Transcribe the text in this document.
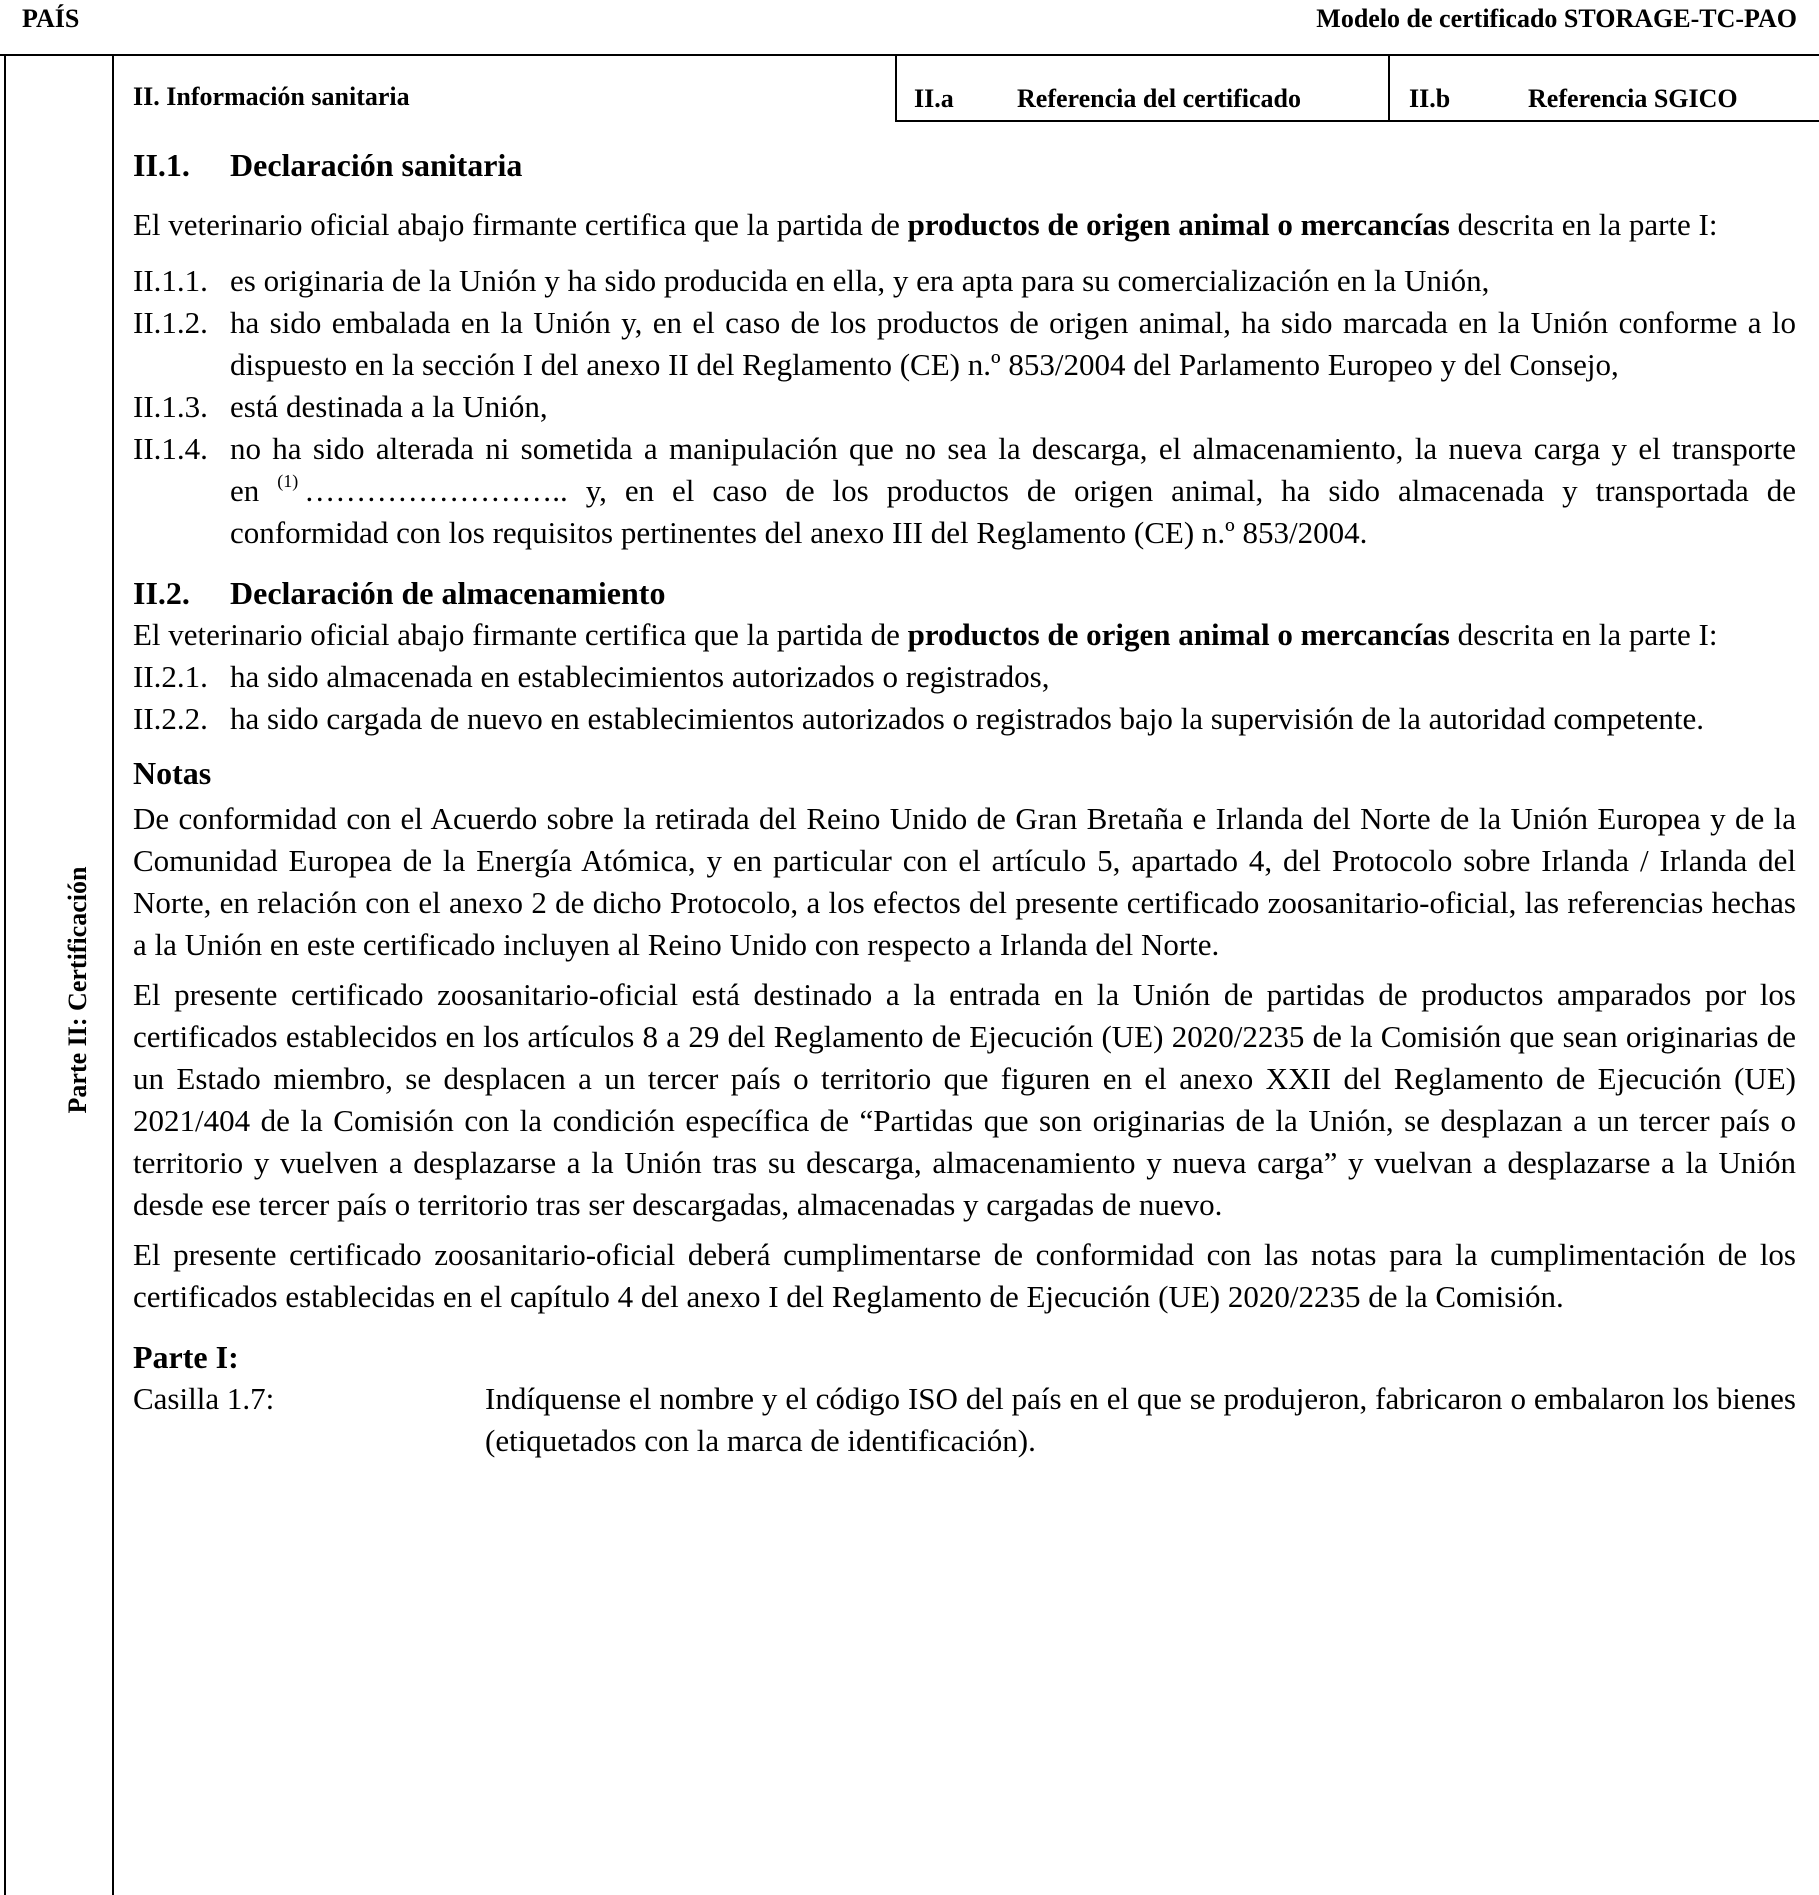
PAÍS	Modelo de certificado STORAGE-TC-PAO
Parte II: Certificación
II. Información sanitaria	II.a Referencia del certificado	II.b	Referencia SGICO
II.1. Declaración sanitaria

El veterinario oficial abajo firmante certifica que la partida de productos de origen animal o mercancías descrita en la parte I:

II.1.1. es originaria de la Unión y ha sido producida en ella, y era apta para su comercialización en la Unión,
II.1.2. ha sido embalada en la Unión y, en el caso de los productos de origen animal, ha sido marcada en la Unión conforme a lo dispuesto en la sección I del anexo II del Reglamento (CE) n.º 853/2004 del Parlamento Europeo y del Consejo,
II.1.3. está destinada a la Unión,
II.1.4. no ha sido alterada ni sometida a manipulación que no sea la descarga, el almacenamiento, la nueva carga y el transporte en $^{(1)}$ …………………….. y, en el caso de los productos de origen animal, ha sido almacenada y transportada de conformidad con los requisitos pertinentes del anexo III del Reglamento (CE) n.º 853/2004.
II.2. Declaración de almacenamiento

El veterinario oficial abajo firmante certifica que la partida de productos de origen animal o mercancías descrita en la parte I:

II.2.1. ha sido almacenada en establecimientos autorizados o registrados,
II.2.2. ha sido cargada de nuevo en establecimientos autorizados o registrados bajo la supervisión de la autoridad competente.
Notas

De conformidad con el Acuerdo sobre la retirada del Reino Unido de Gran Bretaña e Irlanda del Norte de la Unión Europea y de la Comunidad Europea de la Energía Atómica, y en particular con el artículo 5, apartado 4, del Protocolo sobre Irlanda / Irlanda del Norte, en relación con el anexo 2 de dicho Protocolo, a los efectos del presente certificado zoosanitario-oficial, las referencias hechas a la Unión en este certificado incluyen al Reino Unido con respecto a Irlanda del Norte.

El presente certificado zoosanitario-oficial está destinado a la entrada en la Unión de partidas de productos amparados por los certificados establecidos en los artículos 8 a 29 del Reglamento de Ejecución (UE) 2020/2235 de la Comisión que sean originarias de un Estado miembro, se desplacen a un tercer país o territorio que figuren en el anexo XXII del Reglamento de Ejecución (UE) 2021/404 de la Comisión con la condición específica de “Partidas que son originarias de la Unión, se desplazan a un tercer país o territorio y vuelven a desplazarse a la Unión tras su descarga, almacenamiento y nueva carga” y vuelvan a desplazarse a la Unión desde ese tercer país o territorio tras ser descargadas, almacenadas y cargadas de nuevo.

El presente certificado zoosanitario-oficial deberá cumplimentarse de conformidad con las notas para la cumplimentación de los certificados establecidas en el capítulo 4 del anexo I del Reglamento de Ejecución (UE) 2020/2235 de la Comisión.

Parte I:
Casilla 1.7:	Indíquense el nombre y el código ISO del país en el que se produjeron, fabricaron o embalaron los bienes (etiquetados con la marca de identificación).
